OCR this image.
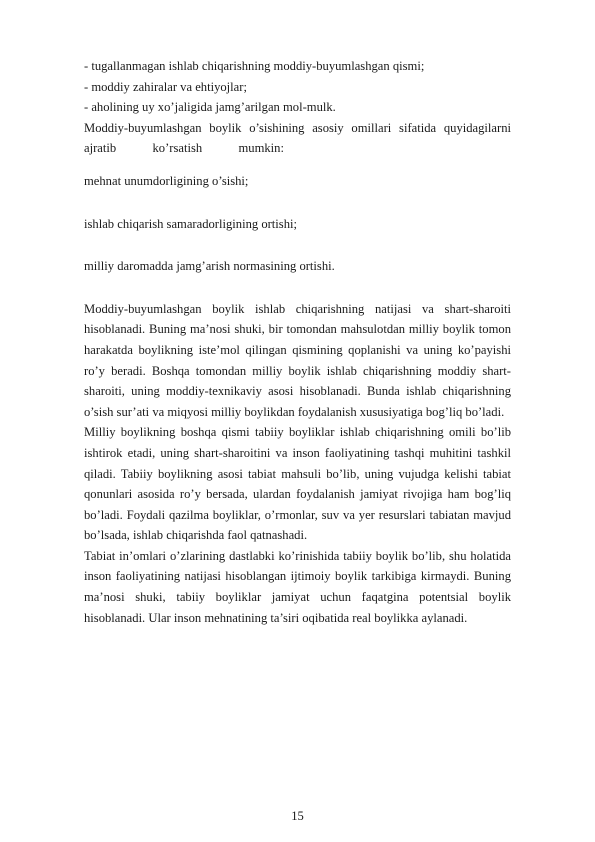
- tugallanmagan ishlab chiqarishning moddiy-buyumlashgan qismi;
- moddiy zahiralar va ehtiyojlar;
- aholining uy xo’jaligida jamg’arilgan mol-mulk.

Moddiy-buyumlashgan boylik o’sishining asosiy omillari sifatida quyidagilarni

ajratib	ko’rsatish	mumkin:
mehnat unumdorligining o’sishi;
ishlab chiqarish samaradorligining ortishi;
milliy daromadda jamg’arish normasining ortishi.

Moddiy-buyumlashgan boylik ishlab chiqarishning natijasi va shart-sharoiti hisoblanadi. Buning ma’nosi shuki, bir tomondan mahsulotdan milliy boylik tomon harakatda boylikning iste’mol qilingan qismining qoplanishi va uning ko’payishi ro’y beradi. Boshqa tomondan milliy boylik ishlab chiqarishning moddiy shart-sharoiti, uning moddiy-texnikaviy asosi hisoblanadi. Bunda ishlab chiqarishning o’sish sur’ati va miqyosi milliy boylikdan foydalanish xususiyatiga bog’liq bo’ladi.

Milliy boylikning boshqa qismi tabiiy boyliklar ishlab chiqarishning omili bo’lib ishtirok etadi, uning shart-sharoitini va inson faoliyatining tashqi muhitini tashkil qiladi. Tabiiy boylikning asosi tabiat mahsuli bo’lib, uning vujudga kelishi tabiat qonunlari asosida ro’y bersada, ulardan foydalanish jamiyat rivojiga ham bog’liq bo’ladi. Foydali qazilma boyliklar, o’rmonlar, suv va yer resurslari tabiatan mavjud bo’lsada, ishlab chiqarishda faol qatnashadi.

Tabiat in’omlari o’zlarining dastlabki ko’rinishida tabiiy boylik bo’lib, shu holatida inson faoliyatining natijasi hisoblangan ijtimoiy boylik tarkibiga kirmaydi. Buning ma’nosi shuki, tabiiy boyliklar jamiyat uchun faqatgina potentsial boylik hisoblanadi. Ular inson mehnatining ta’siri oqibatida real boylikka aylanadi.

15
